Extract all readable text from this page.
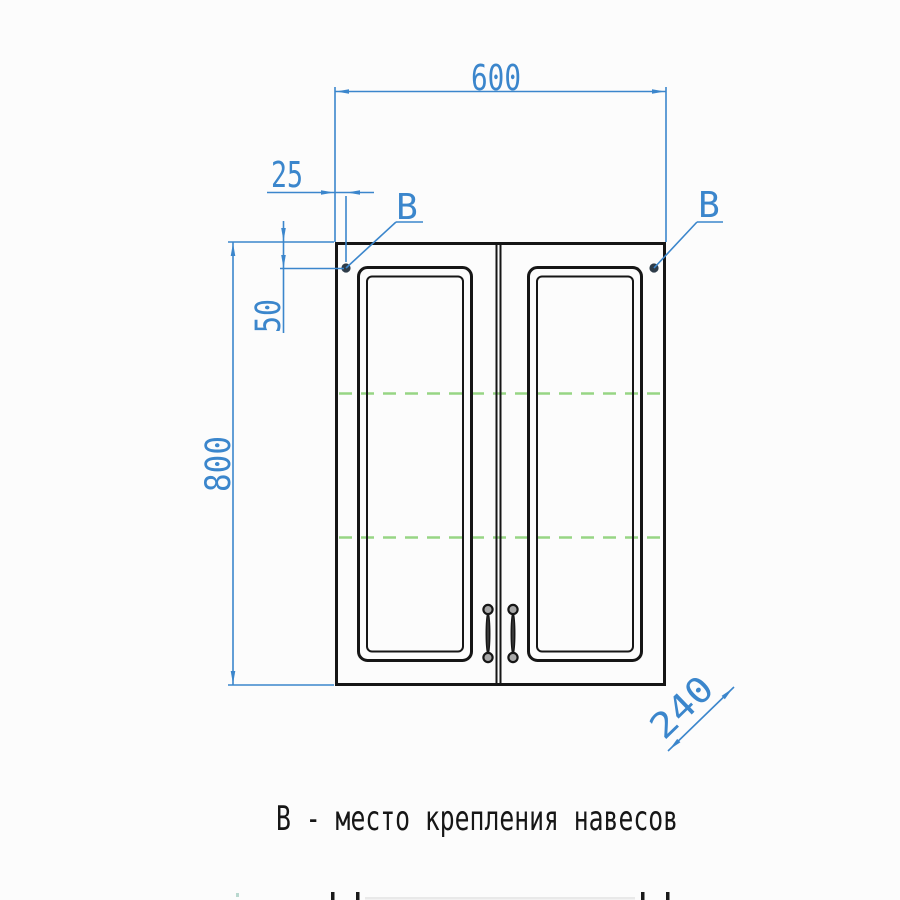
600
25
50
800
240
В	В
В - место крепления навесов
